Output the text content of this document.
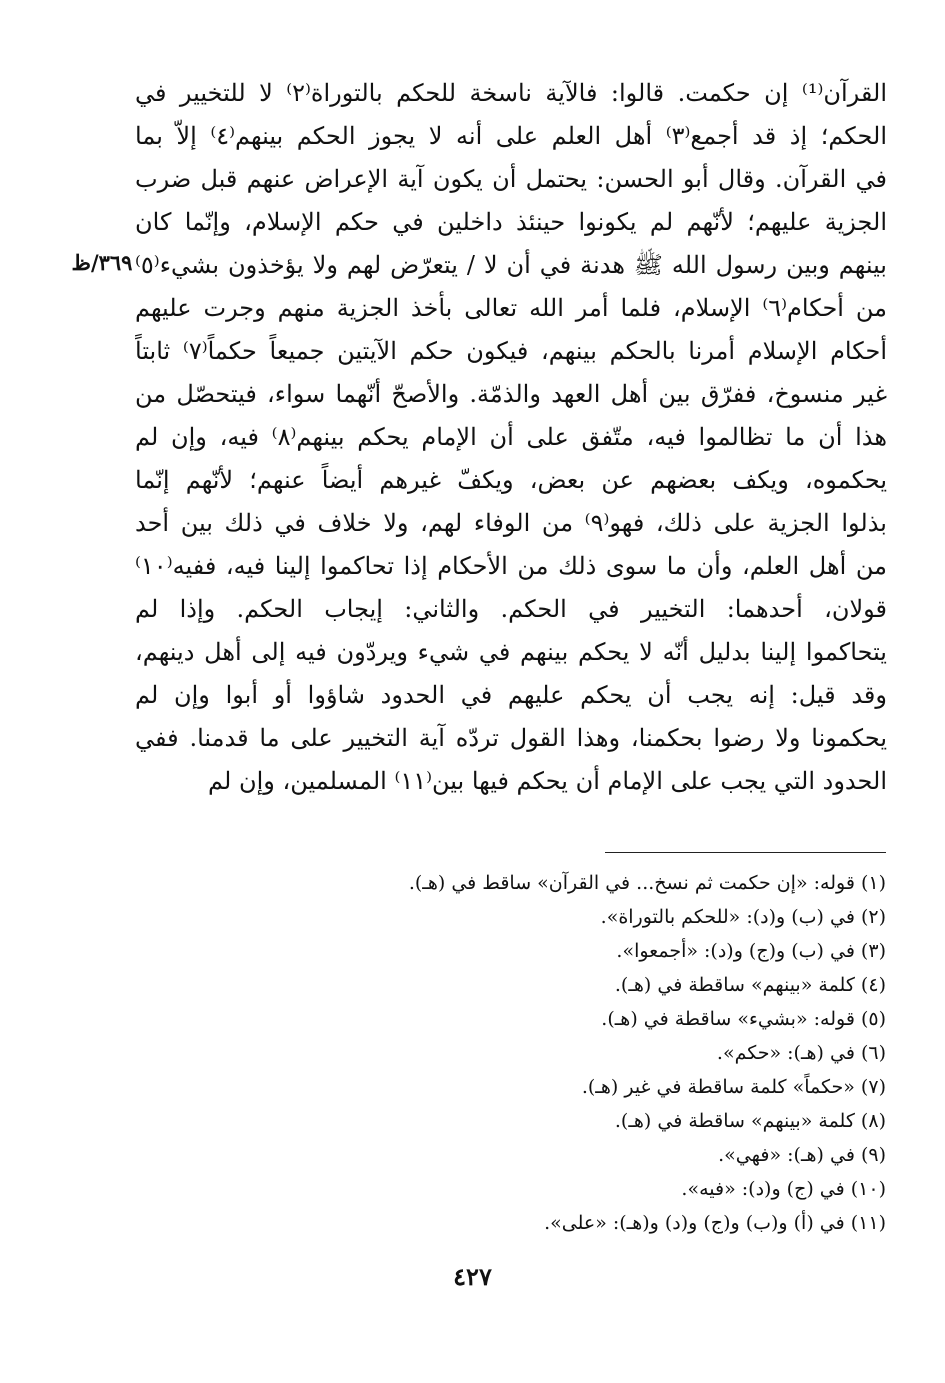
٣٦٩/ظ
القرآن⁽¹⁾ إن حكمت. قالوا: فالآية ناسخة للحكم بالتوراة⁽٢⁾ لا للتخيير في
الحكم؛ إذ قد أجمع⁽٣⁾ أهل العلم على أنه لا يجوز الحكم بينهم⁽٤⁾ إلاّ بما
في القرآن. وقال أبو الحسن: يحتمل أن يكون آية الإعراض عنهم قبل ضرب
الجزية عليهم؛ لأنّهم لم يكونوا حينئذ داخلين في حكم الإسلام، وإنّما كان
بينهم وبين رسول الله ﷺ هدنة في أن لا / يتعرّض لهم ولا يؤخذون بشيء⁽٥⁾
من أحكام⁽٦⁾ الإسلام، فلما أمر الله تعالى بأخذ الجزية منهم وجرت عليهم
أحكام الإسلام أمرنا بالحكم بينهم، فيكون حكم الآيتين جميعاً حكماً⁽٧⁾ ثابتاً
غير منسوخ، ففرّق بين أهل العهد والذمّة. والأصحّ أنّهما سواء، فيتحصّل من
هذا أن ما تظالموا فيه، متّفق على أن الإمام يحكم بينهم⁽٨⁾ فيه، وإن لم
يحكموه، ويكف بعضهم عن بعض، ويكفّ غيرهم أيضاً عنهم؛ لأنّهم إنّما
بذلوا الجزية على ذلك، فهو⁽٩⁾ من الوفاء لهم، ولا خلاف في ذلك بين أحد
من أهل العلم، وأن ما سوى ذلك من الأحكام إذا تحاكموا إلينا فيه، ففيه⁽١٠⁾
قولان، أحدهما: التخيير في الحكم. والثاني: إيجاب الحكم. وإذا لم
يتحاكموا إلينا بدليل أنّه لا يحكم بينهم في شيء ويردّون فيه إلى أهل دينهم،
وقد قيل: إنه يجب أن يحكم عليهم في الحدود شاؤوا أو أبوا وإن لم
يحكمونا ولا رضوا بحكمنا، وهذا القول تردّه آية التخيير على ما قدمنا. ففي
الحدود التي يجب على الإمام أن يحكم فيها بين⁽١١⁾ المسلمين، وإن لم
(١) قوله: «إن حكمت ثم نسخ... في القرآن» ساقط في (هـ).
(٢) في (ب) و(د): «للحكم بالتوراة».
(٣) في (ب) و(ج) و(د): «أجمعوا».
(٤) كلمة «بينهم» ساقطة في (هـ).
(٥) قوله: «بشيء» ساقطة في (هـ).
(٦) في (هـ): «حكم».
(٧) «حكماً» كلمة ساقطة في غير (هـ).
(٨) كلمة «بينهم» ساقطة في (هـ).
(٩) في (هـ): «فهي».
(١٠) في (ج) و(د): «فيه».
(١١) في (أ) و(ب) و(ج) و(د) و(هـ): «على».
٤٢٧
